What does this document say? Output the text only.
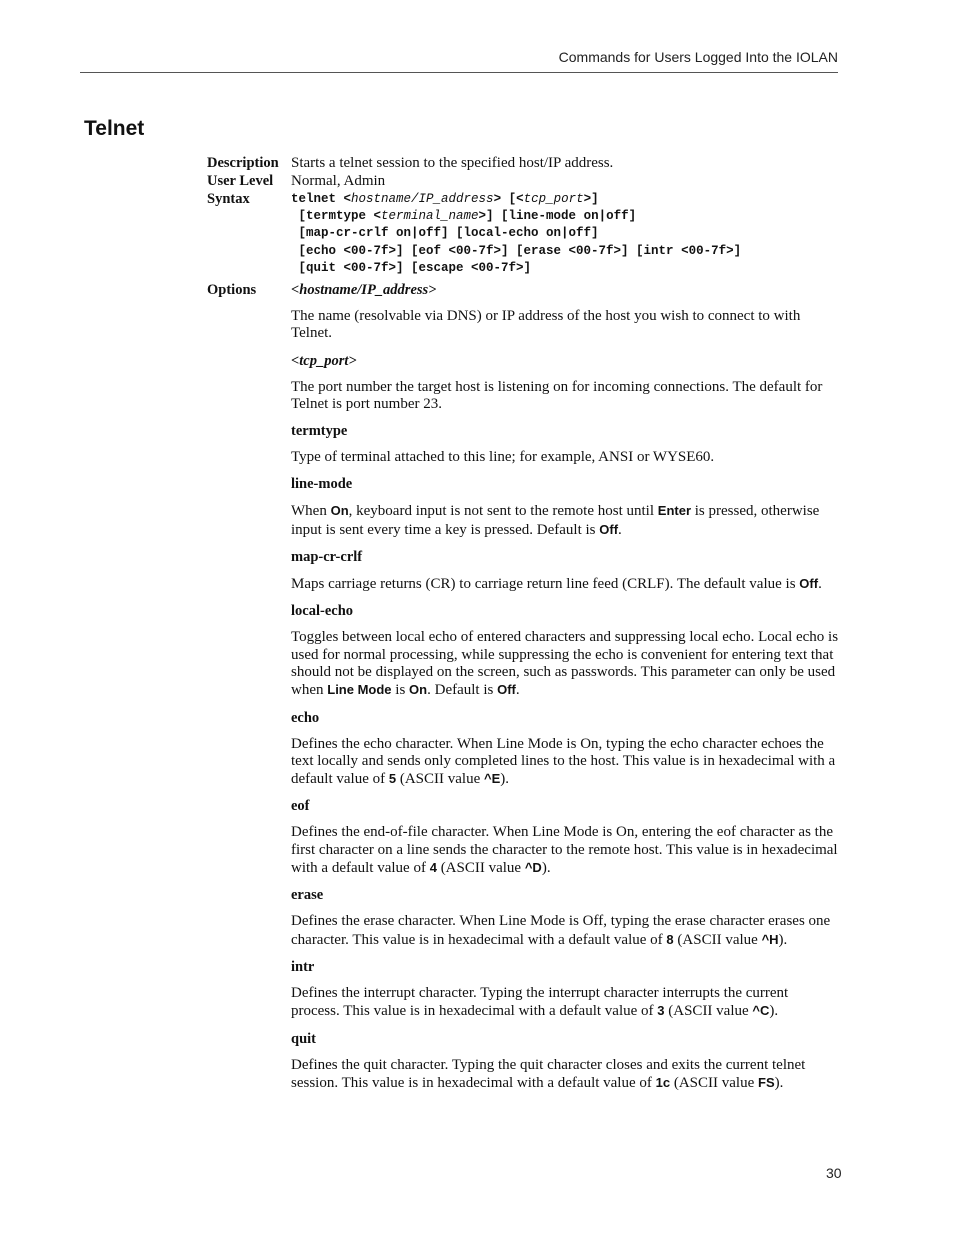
Commands for Users Logged Into the IOLAN
Telnet
Description Starts a telnet session to the specified host/IP address.
User Level	Normal, Admin
Syntax	telnet <hostname/IP_address> [<tcp_port>]
[termtype <terminal_name>] [line-mode on|off]
[map-cr-crlf on|off] [local-echo on|off]
[echo <00-7f>] [eof <00-7f>] [erase <00-7f>] [intr <00-7f>]
[quit <00-7f>] [escape <00-7f>]
Options	<hostname/IP_address>

The name (resolvable via DNS) or IP address of the host you wish to connect to with Telnet.

<tcp_port>

The port number the target host is listening on for incoming connections. The default for Telnet is port number 23.

termtype

Type of terminal attached to this line; for example, ANSI or WYSE60.

line-mode

When On, keyboard input is not sent to the remote host until Enter is pressed, otherwise input is sent every time a key is pressed. Default is Off.

map-cr-crlf

Maps carriage returns (CR) to carriage return line feed (CRLF). The default value is Off.

local-echo

Toggles between local echo of entered characters and suppressing local echo. Local echo is used for normal processing, while suppressing the echo is convenient for entering text that should not be displayed on the screen, such as passwords. This parameter can only be used when Line Mode is On. Default is Off.

echo

Defines the echo character. When Line Mode is On, typing the echo character echoes the text locally and sends only completed lines to the host. This value is in hexadecimal with a default value of 5 (ASCII value ^E).

eof

Defines the end-of-file character. When Line Mode is On, entering the eof character as the first character on a line sends the character to the remote host. This value is in hexadecimal with a default value of 4 (ASCII value ^D).

erase

Defines the erase character. When Line Mode is Off, typing the erase character erases one character. This value is in hexadecimal with a default value of 8 (ASCII value ^H).

intr

Defines the interrupt character. Typing the interrupt character interrupts the current process. This value is in hexadecimal with a default value of 3 (ASCII value ^C).

quit

Defines the quit character. Typing the quit character closes and exits the current telnet session. This value is in hexadecimal with a default value of 1c (ASCII value FS).

30
